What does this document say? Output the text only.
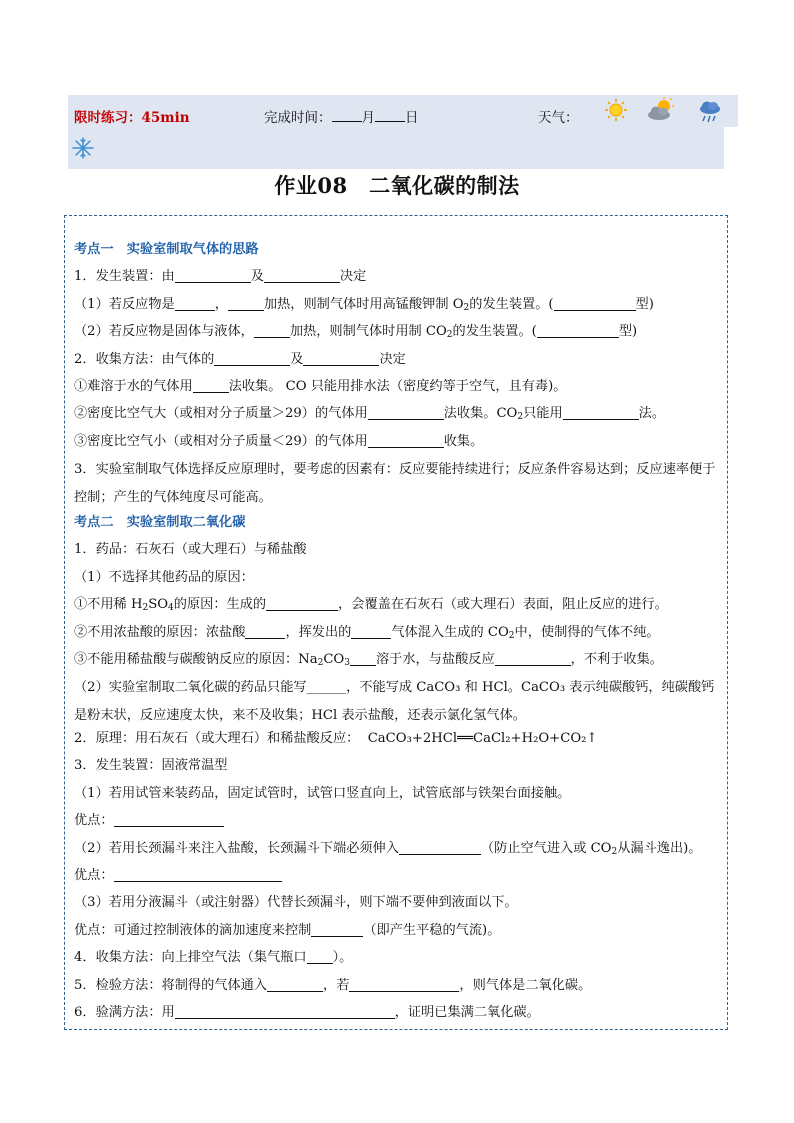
限时练习：45min	完成时间： 月 日	天气：
作业08　二氧化碳的制法
考点一　实验室制取气体的思路
1．发生装置：由	及	决定
（1）若反应物是	，	加热，则制气体时用高锰酸钾制 $O_2$的发生装置。(	型)
（2）若反应物是固体与液体，	加热，则制气体时用制 $CO_2$的发生装置。(	型)
2．收集方法：由气体的	及	决定
①难溶于水的气体用	法收集。 CO 只能用排水法（密度约等于空气，且有毒)。
②密度比空气大（或相对分子质量＞29）的气体用	法收集。$CO_2$只能用	法。
③密度比空气小（或相对分子质量＜29）的气体用	收集。
3．实验室制取气体选择反应原理时，要考虑的因素有：反应要能持续进行；反应条件容易达到；反应速率便于控制；产生的气体纯度尽可能高。
考点二　实验室制取二氧化碳
1．药品：石灰石（或大理石）与稀盐酸
（1）不选择其他药品的原因：
①不用稀 $H_2SO_4$的原因：生成的	，会覆盖在石灰石（或大理石）表面，阻止反应的进行。
②不用浓盐酸的原因：浓盐酸	，挥发出的	气体混入生成的 $CO_2$中，使制得的气体不纯。
③不能用稀盐酸与碳酸钠反应的原因：$Na_2CO_3$ 溶于水，与盐酸反应	，不利于收集。
（2）实验室制取二氧化碳的药品只能写______，不能写成 CaCO₃ 和 HCl。CaCO₃ 表示纯碳酸钙，纯碳酸钙是粉末状，反应速度太快，来不及收集；HCl 表示盐酸，还表示氯化氢气体。
2．原理：用石灰石（或大理石）和稀盐酸反应： CaCO₃+2HCl══CaCl₂+H₂O+CO₂↑
3．发生装置：固液常温型
（1）若用试管来装药品，固定试管时，试管口竖直向上，试管底部与铁架台面接触。
优点：
（2）若用长颈漏斗来注入盐酸，长颈漏斗下端必须伸入	（防止空气进入或 $CO_2$从漏斗逸出)。
优点：
（3）若用分液漏斗（或注射器）代替长颈漏斗，则下端不要伸到液面以下。
优点：可通过控制液体的滴加速度来控制	（即产生平稳的气流)。
4．收集方法：向上排空气法（集气瓶口 ）。
5．检验方法：将制得的气体通入	，若	，则气体是二氧化碳。
6．验满方法：用	，证明已集满二氧化碳。
